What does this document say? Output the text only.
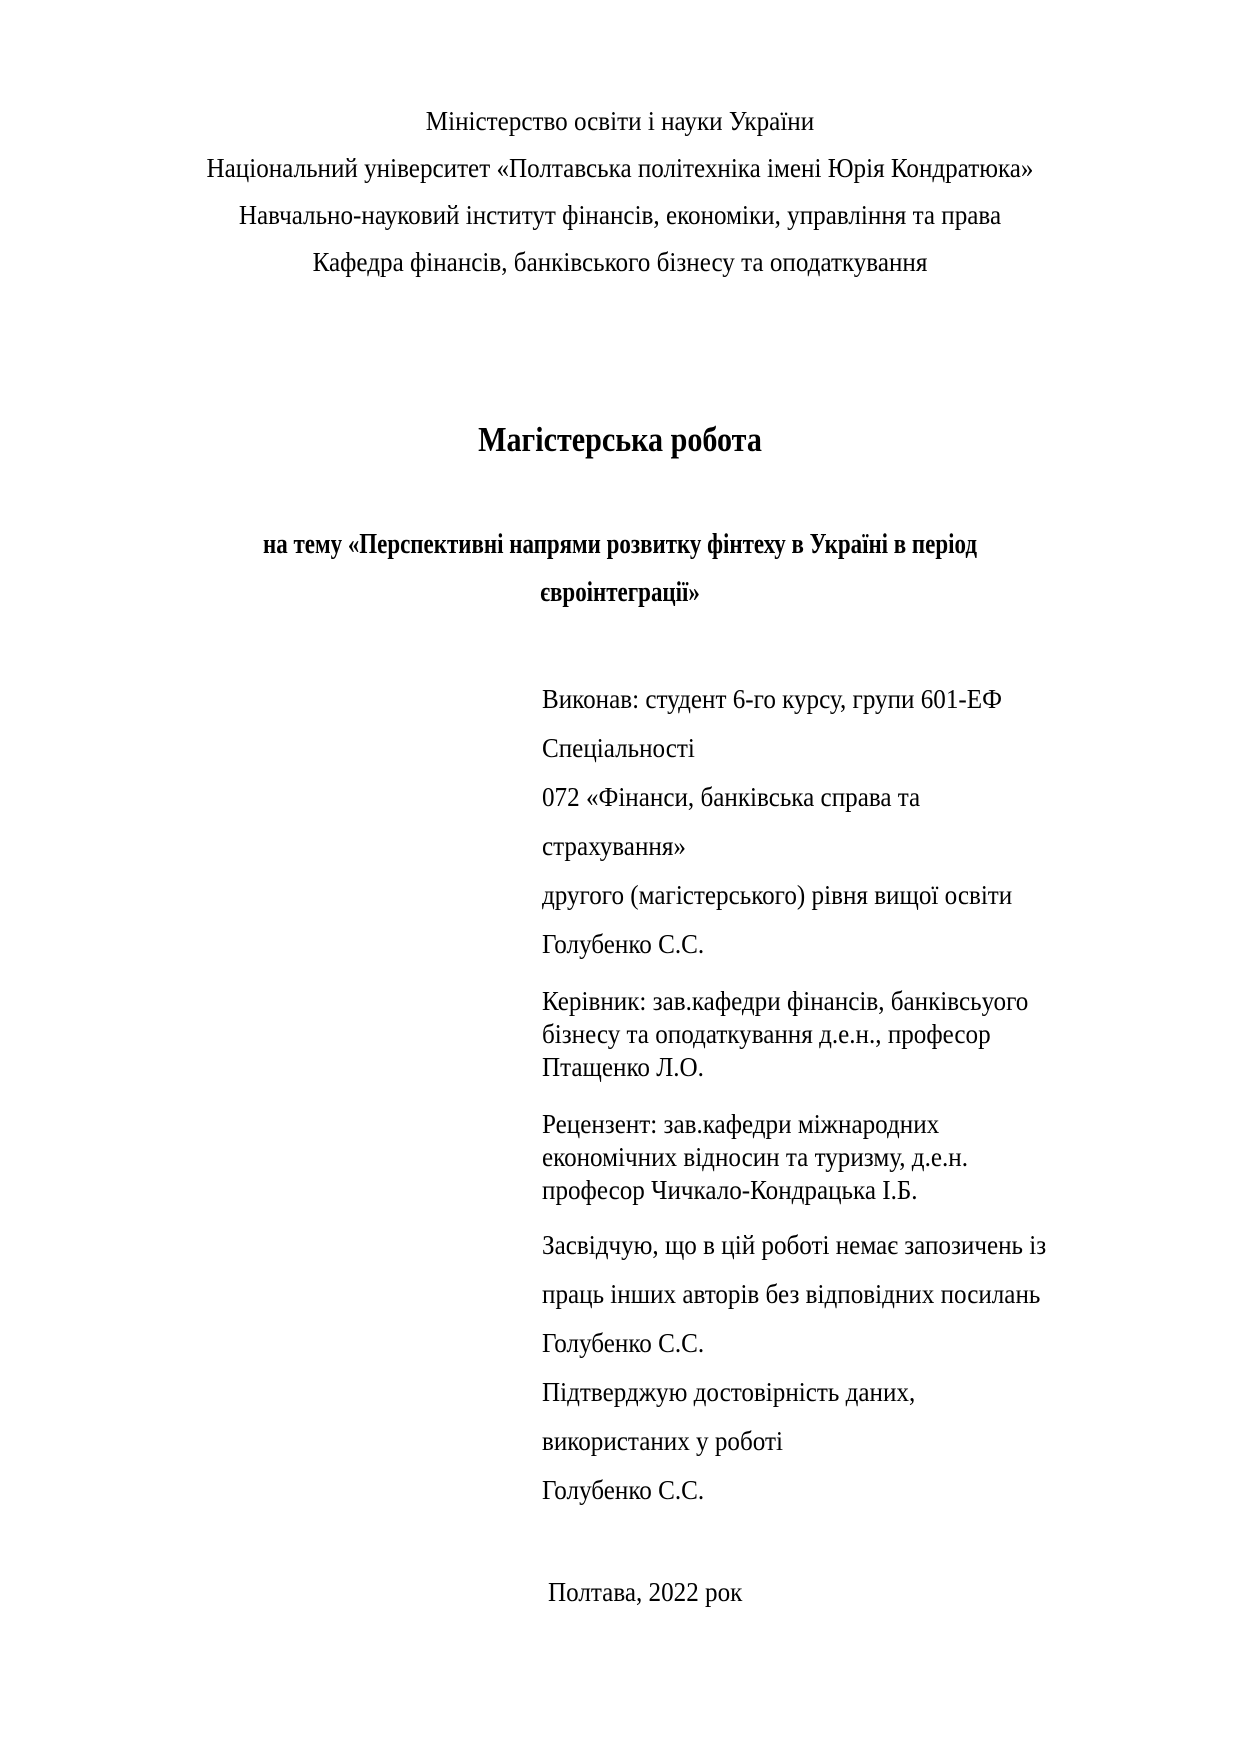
Міністерство освіти і науки України
Національний університет «Полтавська політехніка імені Юрія Кондратюка»
Навчально-науковий інститут фінансів, економіки, управління та права
Кафедра фінансів, банківського бізнесу та оподаткування
Магістерська робота
на тему «Перспективні напрями розвитку фінтеху в Україні в період
євроінтеграції»
Виконав: студент 6-го курсу, групи 601-ЕФ
Спеціальності
072 «Фінанси, банківська справа та
страхування»
другого (магістерського) рівня вищої освіти
Голубенко С.С.
Керівник: зав.кафедри фінансів, банківсьуого
бізнесу та оподаткування д.е.н., професор
Птащенко Л.О.
Рецензент: зав.кафедри міжнародних
економічних відносин та туризму, д.е.н.
професор Чичкало-Кондрацька І.Б.
Засвідчую, що в цій роботі немає запозичень із
праць інших авторів без відповідних посилань
Голубенко С.С.
Підтверджую достовірність даних,
використаних у роботі
Голубенко С.С.
Полтава, 2022 рок
